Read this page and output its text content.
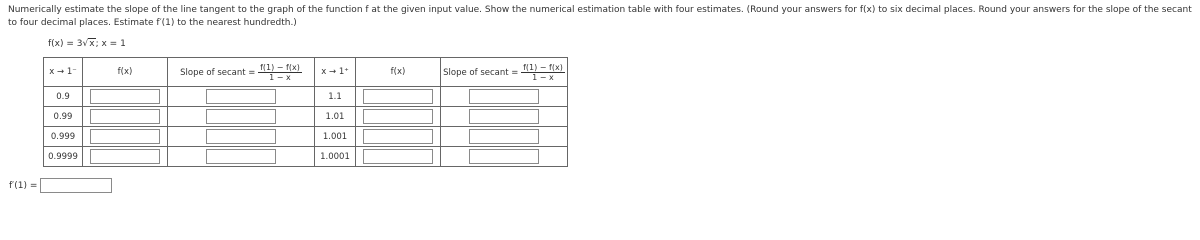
Numerically estimate the slope of the line tangent to the graph of the function f at the given input value. Show the numerical estimation table with four estimates. (Round your answers for f(x) to six decimal places. Round your answers for the slope of the secant to four decimal places. Estimate f′(1) to the nearest hundredth.)
f(x) = 3√x; x = 1
x → 1⁻	f(x)	Slope of secant = $\frac{f(1) - f(x)}{1 - x}$	x → 1⁺	f(x)	Slope of secant = $\frac{f(1) - f(x)}{1 - x}$

0.9			1.1		
0.99			1.01		
0.999			1.001		
0.9999			1.0001		
f′(1) =
